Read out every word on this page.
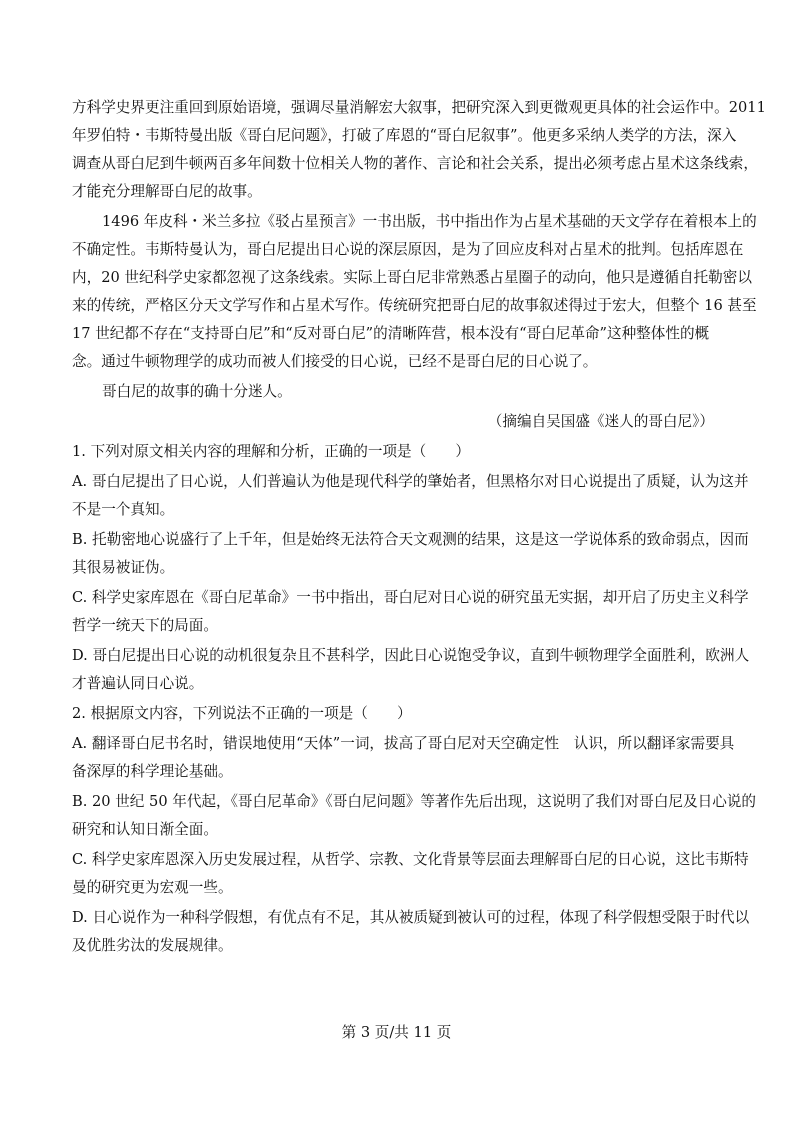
方科学史界更注重回到原始语境，强调尽量消解宏大叙事，把研究深入到更微观更具体的社会运作中。2011
年罗伯特・韦斯特曼出版《哥白尼问题》，打破了库恩的“哥白尼叙事”。他更多采纳人类学的方法，深入
调查从哥白尼到牛顿两百多年间数十位相关人物的著作、言论和社会关系，提出必须考虑占星术这条线索，
才能充分理解哥白尼的故事。
1496 年皮科・米兰多拉《驳占星预言》一书出版，书中指出作为占星术基础的天文学存在着根本上的
不确定性。韦斯特曼认为，哥白尼提出日心说的深层原因，是为了回应皮科对占星术的批判。包括库恩在
内，20 世纪科学史家都忽视了这条线索。实际上哥白尼非常熟悉占星圈子的动向，他只是遵循自托勒密以
来的传统，严格区分天文学写作和占星术写作。传统研究把哥白尼的故事叙述得过于宏大，但整个 16 甚至
17 世纪都不存在“支持哥白尼”和“反对哥白尼”的清晰阵营，根本没有“哥白尼革命”这种整体性的概
念。通过牛顿物理学的成功而被人们接受的日心说，已经不是哥白尼的日心说了。
哥白尼的故事的确十分迷人。
（摘编自吴国盛《迷人的哥白尼》）
1. 下列对原文相关内容的理解和分析，正确的一项是（　　）
A. 哥白尼提出了日心说，人们普遍认为他是现代科学的肇始者，但黑格尔对日心说提出了质疑，认为这并
不是一个真知。
B. 托勒密地心说盛行了上千年，但是始终无法符合天文观测的结果，这是这一学说体系的致命弱点，因而
其很易被证伪。
C. 科学史家库恩在《哥白尼革命》一书中指出，哥白尼对日心说的研究虽无实据，却开启了历史主义科学
哲学一统天下的局面。
D. 哥白尼提出日心说的动机很复杂且不甚科学，因此日心说饱受争议，直到牛顿物理学全面胜利，欧洲人
才普遍认同日心说。
2. 根据原文内容，下列说法不正确的一项是（　　）
A. 翻译哥白尼书名时，错误地使用“天体”一词，拔高了哥白尼对天空确定性　认识，所以翻译家需要具
备深厚的科学理论基础。
B. 20 世纪 50 年代起，《哥白尼革命》《哥白尼问题》等著作先后出现，这说明了我们对哥白尼及日心说的
研究和认知日渐全面。
C. 科学史家库恩深入历史发展过程，从哲学、宗教、文化背景等层面去理解哥白尼的日心说，这比韦斯特
曼的研究更为宏观一些。
D. 日心说作为一种科学假想，有优点有不足，其从被质疑到被认可的过程，体现了科学假想受限于时代以
及优胜劣汰的发展规律。
第 3 页/共 11 页
